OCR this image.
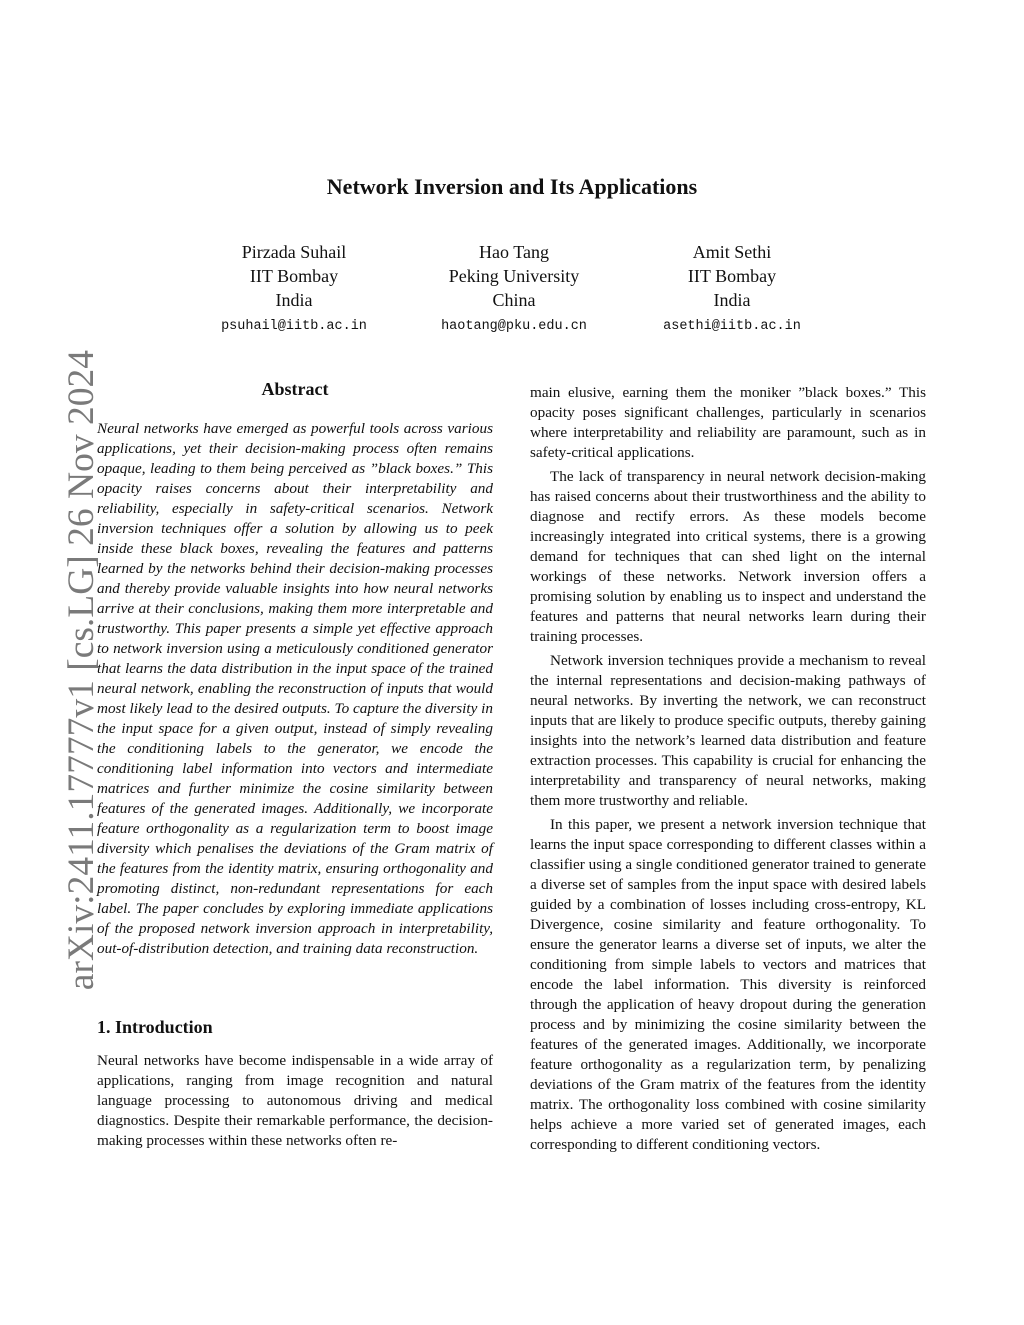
arXiv:2411.17777v1 [cs.LG] 26 Nov 2024
Network Inversion and Its Applications
Pirzada Suhail
IIT Bombay
India
psuhail@iitb.ac.in
Hao Tang
Peking University
China
haotang@pku.edu.cn
Amit Sethi
IIT Bombay
India
asethi@iitb.ac.in
Abstract

Neural networks have emerged as powerful tools across various applications, yet their decision-making process often remains opaque, leading to them being perceived as ”black boxes.” This opacity raises concerns about their interpretability and reliability, especially in safety-critical scenarios. Network inversion techniques offer a solution by allowing us to peek inside these black boxes, revealing the features and patterns learned by the networks behind their decision-making processes and thereby provide valuable insights into how neural networks arrive at their conclusions, making them more interpretable and trustworthy. This paper presents a simple yet effective approach to network inversion using a meticulously conditioned generator that learns the data distribution in the input space of the trained neural network, enabling the reconstruction of inputs that would most likely lead to the desired outputs. To capture the diversity in the input space for a given output, instead of simply revealing the conditioning labels to the generator, we encode the conditioning label information into vectors and intermediate matrices and further minimize the cosine similarity between features of the generated images. Additionally, we incorporate feature orthogonality as a regularization term to boost image diversity which penalises the deviations of the Gram matrix of the features from the identity matrix, ensuring orthogonality and promoting distinct, non-redundant representations for each label. The paper concludes by exploring immediate applications of the proposed network inversion approach in interpretability, out-of-distribution detection, and training data reconstruction.

1. Introduction

Neural networks have become indispensable in a wide array of applications, ranging from image recognition and natural language processing to autonomous driving and medical diagnostics. Despite their remarkable performance, the decision-making processes within these networks often re-

main elusive, earning them the moniker ”black boxes.” This opacity poses significant challenges, particularly in scenarios where interpretability and reliability are paramount, such as in safety-critical applications.

The lack of transparency in neural network decision-making has raised concerns about their trustworthiness and the ability to diagnose and rectify errors. As these models become increasingly integrated into critical systems, there is a growing demand for techniques that can shed light on the internal workings of these networks. Network inversion offers a promising solution by enabling us to inspect and understand the features and patterns that neural networks learn during their training processes.

Network inversion techniques provide a mechanism to reveal the internal representations and decision-making pathways of neural networks. By inverting the network, we can reconstruct inputs that are likely to produce specific outputs, thereby gaining insights into the network’s learned data distribution and feature extraction processes. This capability is crucial for enhancing the interpretability and transparency of neural networks, making them more trustworthy and reliable.

In this paper, we present a network inversion technique that learns the input space corresponding to different classes within a classifier using a single conditioned generator trained to generate a diverse set of samples from the input space with desired labels guided by a combination of losses including cross-entropy, KL Divergence, cosine similarity and feature orthogonality. To ensure the generator learns a diverse set of inputs, we alter the conditioning from simple labels to vectors and matrices that encode the label information. This diversity is reinforced through the application of heavy dropout during the generation process and by minimizing the cosine similarity between the features of the generated images. Additionally, we incorporate feature orthogonality as a regularization term, by penalizing deviations of the Gram matrix of the features from the identity matrix. The orthogonality loss combined with cosine similarity helps achieve a more varied set of generated images, each corresponding to different conditioning vectors.
